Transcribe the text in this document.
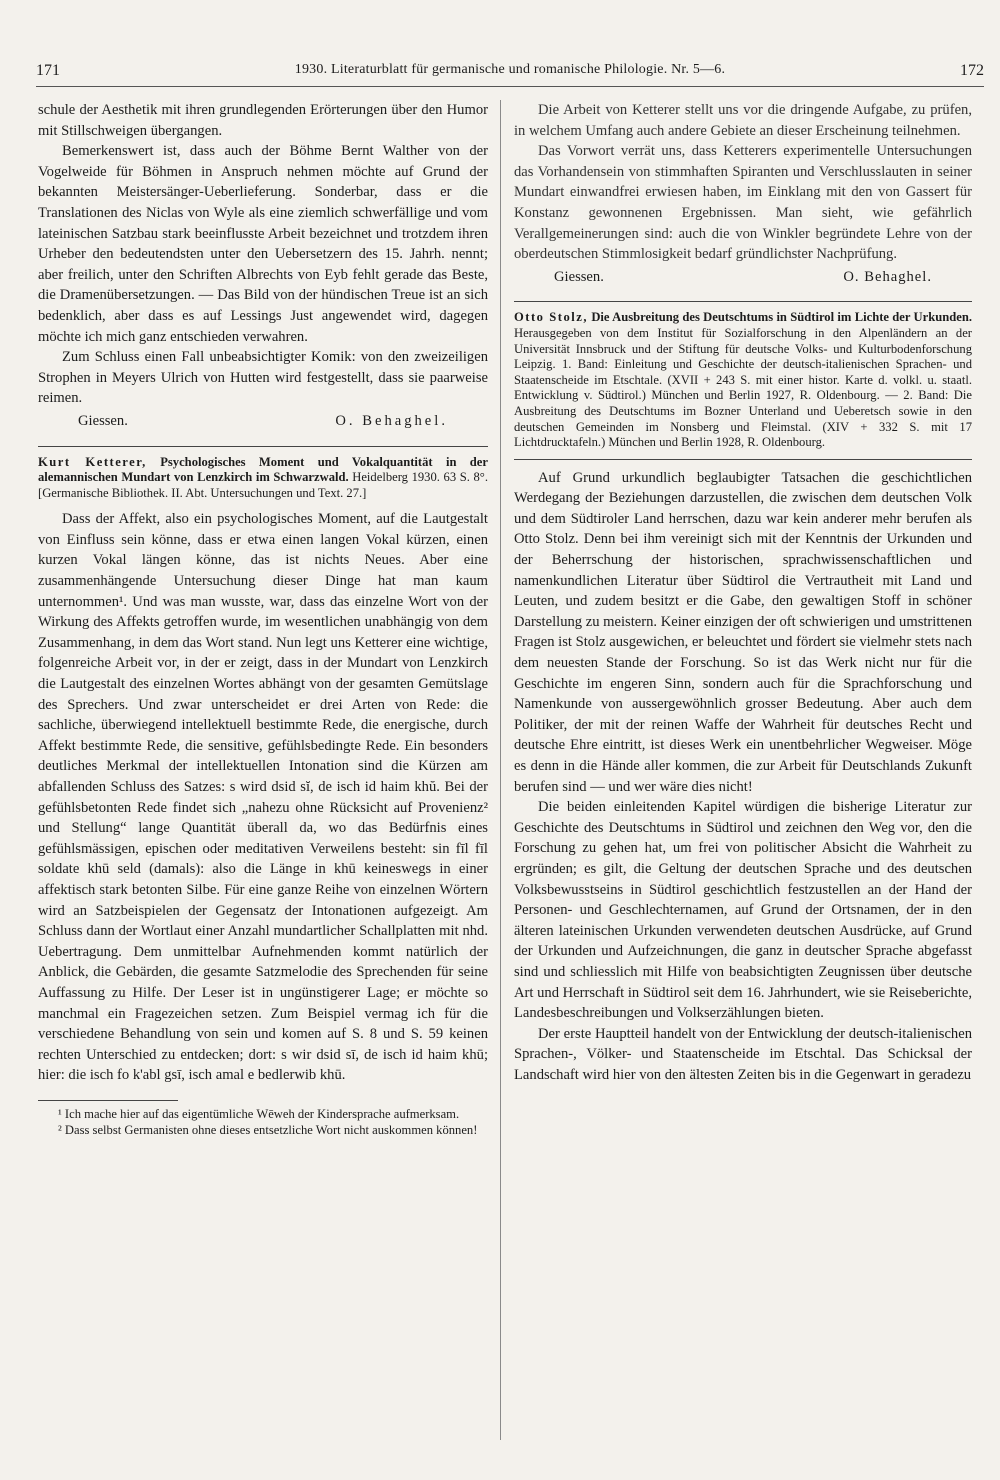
171	1930. Literaturblatt für germanische und romanische Philologie. Nr. 5—6.	172

schule der Aesthetik mit ihren grundlegenden Erörterungen über den Humor mit Stillschweigen übergangen.

Bemerkenswert ist, dass auch der Böhme Bernt Walther von der Vogelweide für Böhmen in Anspruch nehmen möchte auf Grund der bekannten Meistersänger-Ueberlieferung. Sonderbar, dass er die Translationen des Niclas von Wyle als eine ziemlich schwerfällige und vom lateinischen Satzbau stark beeinflusste Arbeit bezeichnet und trotzdem ihren Urheber den bedeutendsten unter den Uebersetzern des 15. Jahrh. nennt; aber freilich, unter den Schriften Albrechts von Eyb fehlt gerade das Beste, die Dramenübersetzungen. — Das Bild von der hündischen Treue ist an sich bedenklich, aber dass es auf Lessings Just angewendet wird, dagegen möchte ich mich ganz entschieden verwahren.

Zum Schluss einen Fall unbeabsichtigter Komik: von den zweizeiligen Strophen in Meyers Ulrich von Hutten wird festgestellt, dass sie paarweise reimen.

Giessen.	O. Behaghel.
Kurt Ketterer, Psychologisches Moment und Vokalquantität in der alemannischen Mundart von Lenzkirch im Schwarzwald. Heidelberg 1930. 63 S. 8°. [Germanische Bibliothek. II. Abt. Untersuchungen und Text. 27.]

Dass der Affekt, also ein psychologisches Moment, auf die Lautgestalt von Einfluss sein könne, dass er etwa einen langen Vokal kürzen, einen kurzen Vokal längen könne, das ist nichts Neues. Aber eine zusammenhängende Untersuchung dieser Dinge hat man kaum unternommen¹. Und was man wusste, war, dass das einzelne Wort von der Wirkung des Affekts getroffen wurde, im wesentlichen unabhängig von dem Zusammenhang, in dem das Wort stand. Nun legt uns Ketterer eine wichtige, folgenreiche Arbeit vor, in der er zeigt, dass in der Mundart von Lenzkirch die Lautgestalt des einzelnen Wortes abhängt von der gesamten Gemütslage des Sprechers. Und zwar unterscheidet er drei Arten von Rede: die sachliche, überwiegend intellektuell bestimmte Rede, die energische, durch Affekt bestimmte Rede, die sensitive, gefühlsbedingte Rede. Ein besonders deutliches Merkmal der intellektuellen Intonation sind die Kürzen am abfallenden Schluss des Satzes: s wird dsid sĭ, de isch id haim khŭ. Bei der gefühlsbetonten Rede findet sich „nahezu ohne Rücksicht auf Provenienz² und Stellung“ lange Quantität überall da, wo das Bedürfnis eines gefühlsmässigen, epischen oder meditativen Verweilens besteht: sin fīl fīl soldate khū seld (damals): also die Länge in khū keineswegs in einer affektisch stark betonten Silbe. Für eine ganze Reihe von einzelnen Wörtern wird an Satzbeispielen der Gegensatz der Intonationen aufgezeigt. Am Schluss dann der Wortlaut einer Anzahl mundartlicher Schallplatten mit nhd. Uebertragung. Dem unmittelbar Aufnehmenden kommt natürlich der Anblick, die Gebärden, die gesamte Satzmelodie des Sprechenden für seine Auffassung zu Hilfe. Der Leser ist in ungünstigerer Lage; er möchte so manchmal ein Fragezeichen setzen. Zum Beispiel vermag ich für die verschiedene Behandlung von sein und komen auf S. 8 und S. 59 keinen rechten Unterschied zu entdecken; dort: s wir dsid sī, de isch id haim khū; hier: die isch fo k'abl gsī, isch amal e bedlerwib khū.

¹ Ich mache hier auf das eigentümliche Wēweh der Kindersprache aufmerksam.

² Dass selbst Germanisten ohne dieses entsetzliche Wort nicht auskommen können!

Die Arbeit von Ketterer stellt uns vor die dringende Aufgabe, zu prüfen, in welchem Umfang auch andere Gebiete an dieser Erscheinung teilnehmen.

Das Vorwort verrät uns, dass Ketterers experimentelle Untersuchungen das Vorhandensein von stimmhaften Spiranten und Verschlusslauten in seiner Mundart einwandfrei erwiesen haben, im Einklang mit den von Gassert für Konstanz gewonnenen Ergebnissen. Man sieht, wie gefährlich Verallgemeinerungen sind: auch die von Winkler begründete Lehre von der oberdeutschen Stimmlosigkeit bedarf gründlichster Nachprüfung.

Giessen.	O. Behaghel.
Otto Stolz, Die Ausbreitung des Deutschtums in Südtirol im Lichte der Urkunden. Herausgegeben von dem Institut für Sozialforschung in den Alpenländern an der Universität Innsbruck und der Stiftung für deutsche Volks- und Kulturbodenforschung Leipzig. 1. Band: Einleitung und Geschichte der deutsch-italienischen Sprachen- und Staatenscheide im Etschtale. (XVII + 243 S. mit einer histor. Karte d. volkl. u. staatl. Entwicklung v. Südtirol.) München und Berlin 1927, R. Oldenbourg. — 2. Band: Die Ausbreitung des Deutschtums im Bozner Unterland und Ueberetsch sowie in den deutschen Gemeinden im Nonsberg und Fleimstal. (XIV + 332 S. mit 17 Lichtdrucktafeln.) München und Berlin 1928, R. Oldenbourg.

Auf Grund urkundlich beglaubigter Tatsachen die geschichtlichen Werdegang der Beziehungen darzustellen, die zwischen dem deutschen Volk und dem Südtiroler Land herrschen, dazu war kein anderer mehr berufen als Otto Stolz. Denn bei ihm vereinigt sich mit der Kenntnis der Urkunden und der Beherrschung der historischen, sprachwissenschaftlichen und namenkundlichen Literatur über Südtirol die Vertrautheit mit Land und Leuten, und zudem besitzt er die Gabe, den gewaltigen Stoff in schöner Darstellung zu meistern. Keiner einzigen der oft schwierigen und umstrittenen Fragen ist Stolz ausgewichen, er beleuchtet und fördert sie vielmehr stets nach dem neuesten Stande der Forschung. So ist das Werk nicht nur für die Geschichte im engeren Sinn, sondern auch für die Sprachforschung und Namenkunde von aussergewöhnlich grosser Bedeutung. Aber auch dem Politiker, der mit der reinen Waffe der Wahrheit für deutsches Recht und deutsche Ehre eintritt, ist dieses Werk ein unentbehrlicher Wegweiser. Möge es denn in die Hände aller kommen, die zur Arbeit für Deutschlands Zukunft berufen sind — und wer wäre dies nicht!

Die beiden einleitenden Kapitel würdigen die bisherige Literatur zur Geschichte des Deutschtums in Südtirol und zeichnen den Weg vor, den die Forschung zu gehen hat, um frei von politischer Absicht die Wahrheit zu ergründen; es gilt, die Geltung der deutschen Sprache und des deutschen Volksbewusstseins in Südtirol geschichtlich festzustellen an der Hand der Personen- und Geschlechternamen, auf Grund der Ortsnamen, der in den älteren lateinischen Urkunden verwendeten deutschen Ausdrücke, auf Grund der Urkunden und Aufzeichnungen, die ganz in deutscher Sprache abgefasst sind und schliesslich mit Hilfe von beabsichtigten Zeugnissen über deutsche Art und Herrschaft in Südtirol seit dem 16. Jahrhundert, wie sie Reiseberichte, Landesbeschreibungen und Volkserzählungen bieten.

Der erste Hauptteil handelt von der Entwicklung der deutsch-italienischen Sprachen-, Völker- und Staatenscheide im Etschtal. Das Schicksal der Landschaft wird hier von den ältesten Zeiten bis in die Gegenwart in geradezu
